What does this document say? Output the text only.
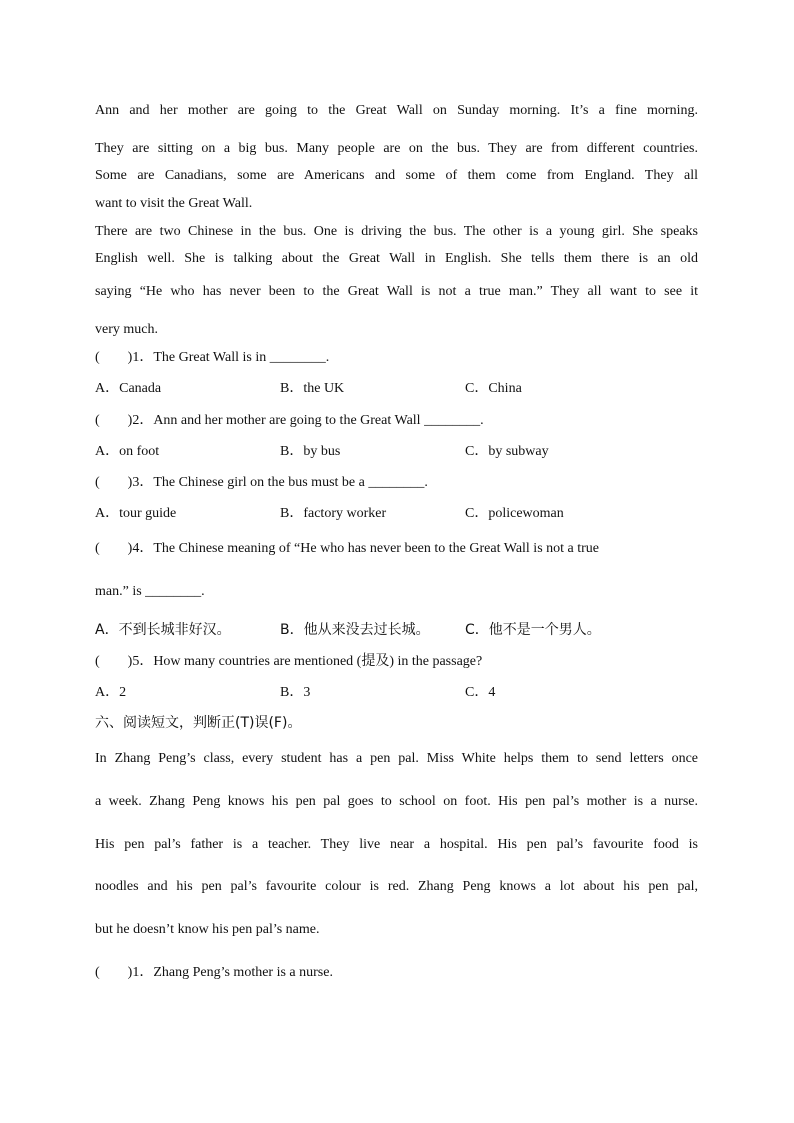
Ann and her mother are going to the Great Wall on Sunday morning. It’s a fine morning.
They are sitting on a big bus. Many people are on the bus. They are from different countries.
Some are Canadians, some are Americans and some of them come from England. They all
want to visit the Great Wall.
There are two Chinese in the bus. One is driving the bus. The other is a young girl. She speaks
English well. She is talking about the Great Wall in English. She tells them there is an old
saying “He who has never been to the Great Wall is not a true man.” They all want to see it
very much.
(　　)1．The Great Wall is in ________.
A．Canada	B．the UK	C．China
(　　)2．Ann and her mother are going to the Great Wall ________.
A．on foot	B．by bus	C．by subway
(　　)3．The Chinese girl on the bus must be a ________.
A．tour guide	B．factory worker	C．policewoman
(　　)4．The Chinese meaning of “He who has never been to the Great Wall is not a true
man.” is ________.
A．不到长城非好汉。	B．他从来没去过长城。	C．他不是一个男人。
(　　)5．How many countries are mentioned (提及) in the passage?
A．2	B．3	C．4
六、阅读短文，判断正(T)误(F)。
In Zhang Peng’s class, every student has a pen pal. Miss White helps them to send letters once
a week. Zhang Peng knows his pen pal goes to school on foot. His pen pal’s mother is a nurse.
His pen pal’s father is a teacher. They live near a hospital. His pen pal’s favourite food is
noodles and his pen pal’s favourite colour is red. Zhang Peng knows a lot about his pen pal,
but he doesn’t know his pen pal’s name.
(　　)1．Zhang Peng’s mother is a nurse.
